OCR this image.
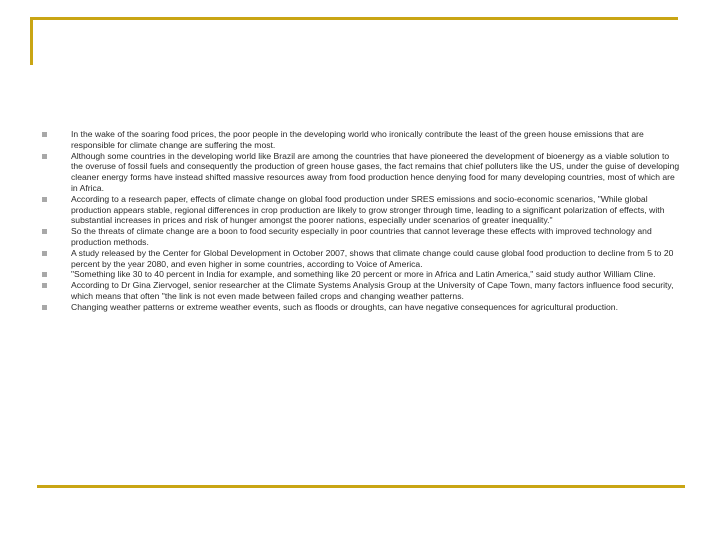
In the wake of the soaring food prices, the poor people in the developing world who ironically contribute the least of the green house emissions that are responsible for climate change are suffering the most.
Although some countries in the developing world like Brazil are among the countries that have pioneered the development of bioenergy as a viable solution to the overuse of fossil fuels and consequently the production of green house gases, the fact remains that chief polluters like the US, under the guise of developing cleaner energy forms have instead shifted massive resources away from food production hence denying food for many developing countries, most of which are in Africa.
According to a research paper, effects of climate change on global food production under SRES emissions and socio-economic scenarios, "While global production appears stable, regional differences in crop production are likely to grow stronger through time, leading to a significant polarization of effects, with substantial increases in prices and risk of hunger amongst the poorer nations, especially under scenarios of greater inequality."
So the threats of climate change are a boon to food security especially in poor countries that cannot leverage these effects with improved technology and production methods.
A study released by the Center for Global Development in October 2007, shows that climate change could cause global food production to decline from 5 to 20 percent by the year 2080, and even higher in some countries, according to Voice of America.
"Something like 30 to 40 percent in India for example, and something like 20 percent or more in Africa and Latin America," said study author William Cline.
According to Dr Gina Ziervogel, senior researcher at the Climate Systems Analysis Group at the University of Cape Town, many factors influence food security, which means that often "the link is not even made between failed crops and changing weather patterns.
Changing weather patterns or extreme weather events, such as floods or droughts, can have negative consequences for agricultural production.
